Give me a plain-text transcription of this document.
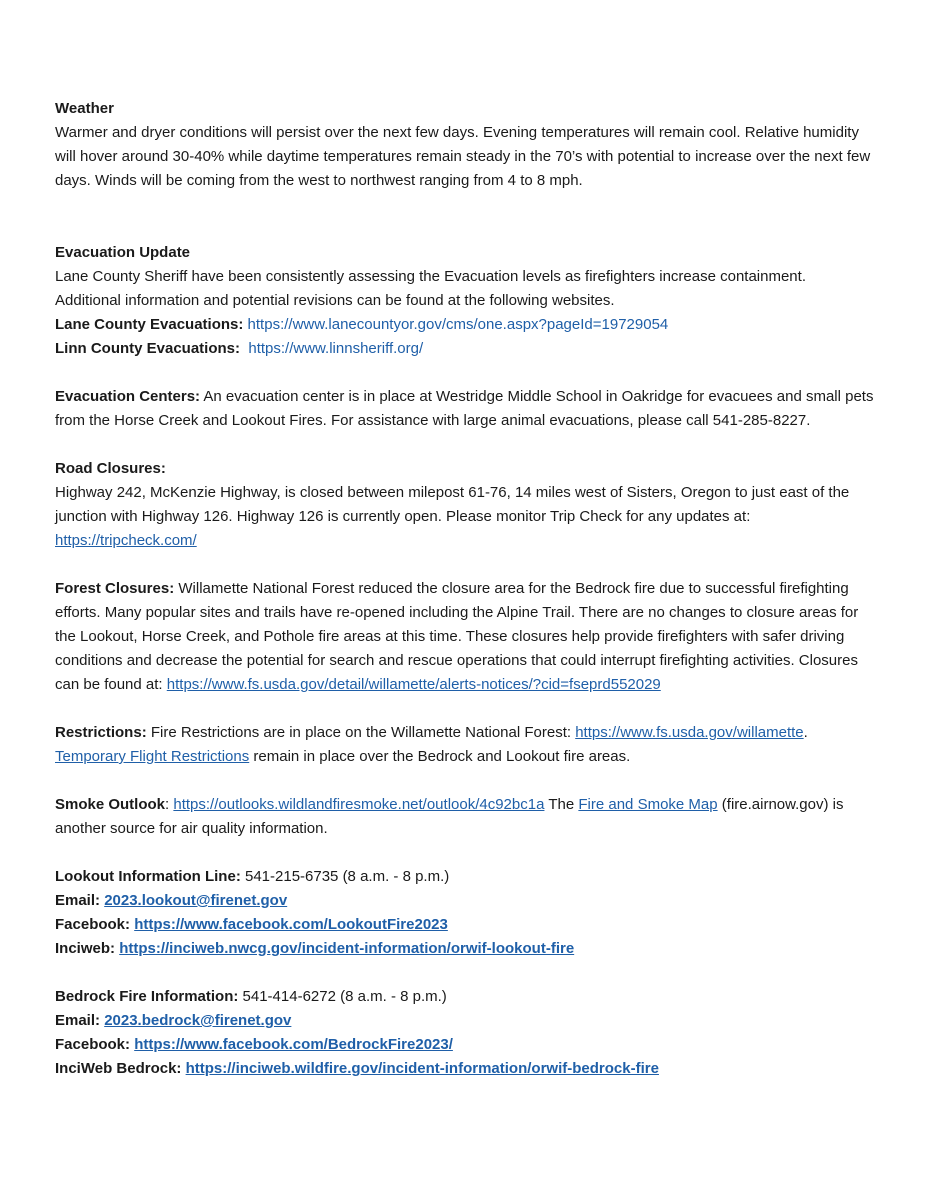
Weather

Warmer and dryer conditions will persist over the next few days. Evening temperatures will remain cool. Relative humidity will hover around 30-40% while daytime temperatures remain steady in the 70’s with potential to increase over the next few days. Winds will be coming from the west to northwest ranging from 4 to 8 mph.

Evacuation Update

Lane County Sheriff have been consistently assessing the Evacuation levels as firefighters increase containment. Additional information and potential revisions can be found at the following websites.

Lane County Evacuations: https://www.lanecountyor.gov/cms/one.aspx?pageId=19729054

Linn County Evacuations: https://www.linnsheriff.org/

Evacuation Centers: An evacuation center is in place at Westridge Middle School in Oakridge for evacuees and small pets from the Horse Creek and Lookout Fires. For assistance with large animal evacuations, please call 541-285-8227.

Road Closures:

Highway 242, McKenzie Highway, is closed between milepost 61-76, 14 miles west of Sisters, Oregon to just east of the junction with Highway 126. Highway 126 is currently open. Please monitor Trip Check for any updates at:
https://tripcheck.com/

Forest Closures: Willamette National Forest reduced the closure area for the Bedrock fire due to successful firefighting efforts. Many popular sites and trails have re-opened including the Alpine Trail. There are no changes to closure areas for the Lookout, Horse Creek, and Pothole fire areas at this time. These closures help provide firefighters with safer driving conditions and decrease the potential for search and rescue operations that could interrupt firefighting activities. Closures can be found at: https://www.fs.usda.gov/detail/willamette/alerts-notices/?cid=fseprd552029

Restrictions: Fire Restrictions are in place on the Willamette National Forest: https://www.fs.usda.gov/willamette.
Temporary Flight Restrictions remain in place over the Bedrock and Lookout fire areas.

Smoke Outlook: https://outlooks.wildlandfiresmoke.net/outlook/4c92bc1a The Fire and Smoke Map (fire.airnow.gov) is another source for air quality information.

Lookout Information Line: 541-215-6735 (8 a.m. - 8 p.m.)

Email: 2023.lookout@firenet.gov

Facebook: https://www.facebook.com/LookoutFire2023

Inciweb: https://inciweb.nwcg.gov/incident-information/orwif-lookout-fire

Bedrock Fire Information: 541-414-6272 (8 a.m. - 8 p.m.)

Email: 2023.bedrock@firenet.gov

Facebook: https://www.facebook.com/BedrockFire2023/

InciWeb Bedrock: https://inciweb.wildfire.gov/incident-information/orwif-bedrock-fire
